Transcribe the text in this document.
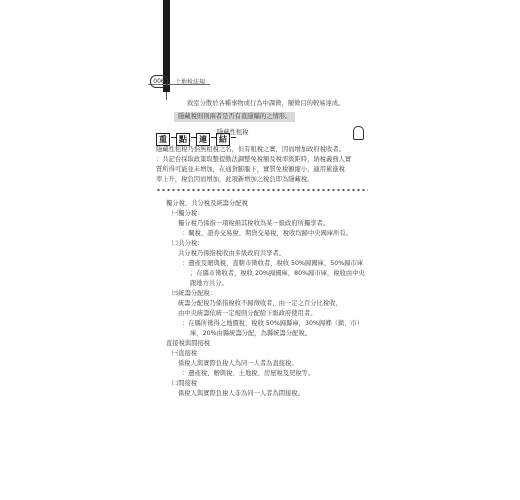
006	土地稅法規
致室分散於各種事物或行為中課徵，額徵目的較易達成。
隱藏稅則則兩者是否有直隱瞞的之情形。
重 點 連 結
隱藏性租稅
隱藏性租稅乃指無租稅之名，但有租稅之實，因而增加政府稅收者。
：共記台採取政策取整提勤法調整免稅額及稅率級距時，納稅義務人實
質所得可能並未增加，在通貨膨脹下，實質免稅額縮小，適用累進稅
率上升，稅負因而增加，此項新增加之稅負即為隱藏稅。
獨分稅、共分稅及統籌分配稅
㈠獨分稅：
獨分稅乃係指一項稅捐其稅收為某一級政府所獨享者。
：關稅、證券交易稅、期貨交易稅，稅收均歸中央國庫所有。
㈡共分稅：
共分稅乃係指稅收由多級政府共享者。
：遺產及贈與稅，直轄市徵收者，稅收 50%歸國庫，50%歸市庫
；在縣市徵收者，稅收 20%歸國庫，80%歸市庫，稅收由中央
跟地方共分。
㈢統籌分配稅：
統籌分配稅乃係指稅收不歸徵收者，由一定之百分比稅收，
由中央統籌依統一定規則分配給下級政府使用者。
：在縣所徵得之地價稅，稅收 50%歸縣庫，30%歸鄉（鎮、市）
庫，20%由縣統籌分配，為縣統籌分配稅。
直接稅與間接稅
㈠直接稅
係稅人與實際負稅人為同一人者為直接稅。
：遺產稅、贈與稅、土地稅、房屋稅及契稅等。
㈡間接稅
係稅人與實際負稅人非為同一人者為間接稅。
